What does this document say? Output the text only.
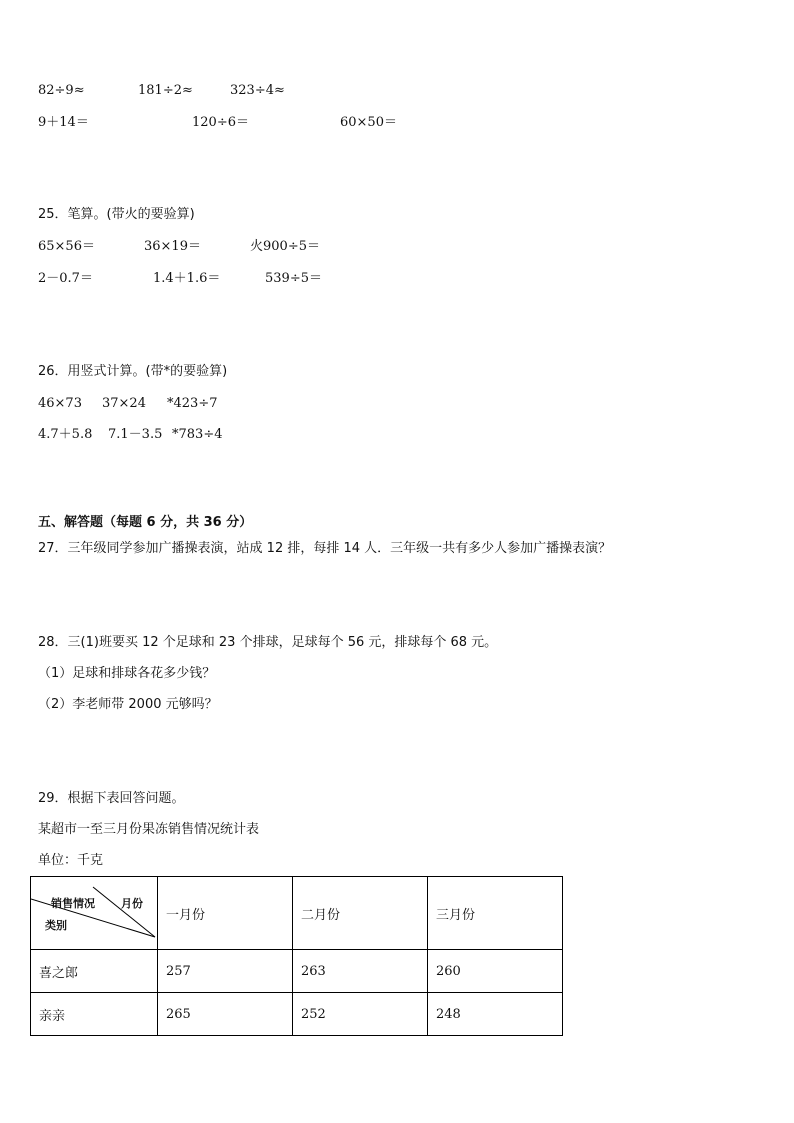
82÷9≈	181÷2≈	323÷4≈
9＋14＝	120÷6＝	60×50＝
25．笔算。(带火的要验算)
65×56＝	36×19＝	火900÷5＝
2－0.7＝	1.4＋1.6＝	539÷5＝
26．用竖式计算。(带*的要验算)
46×73 37×24 *423÷7
4.7＋5.8 7.1－3.5 *783÷4
五、解答题（每题 6 分，共 36 分）
27．三年级同学参加广播操表演，站成 12 排，每排 14 人．三年级一共有多少人参加广播操表演？
28．三(1)班要买 12 个足球和 23 个排球，足球每个 56 元，排球每个 68 元。
（1）足球和排球各花多少钱？
（2）李老师带 2000 元够吗？
29．根据下表回答问题。
某超市一至三月份果冻销售情况统计表
单位：千克
销售情况 月份
类别	一月份	二月份	三月份
喜之郎	257	263	260
亲亲	265	252	248
